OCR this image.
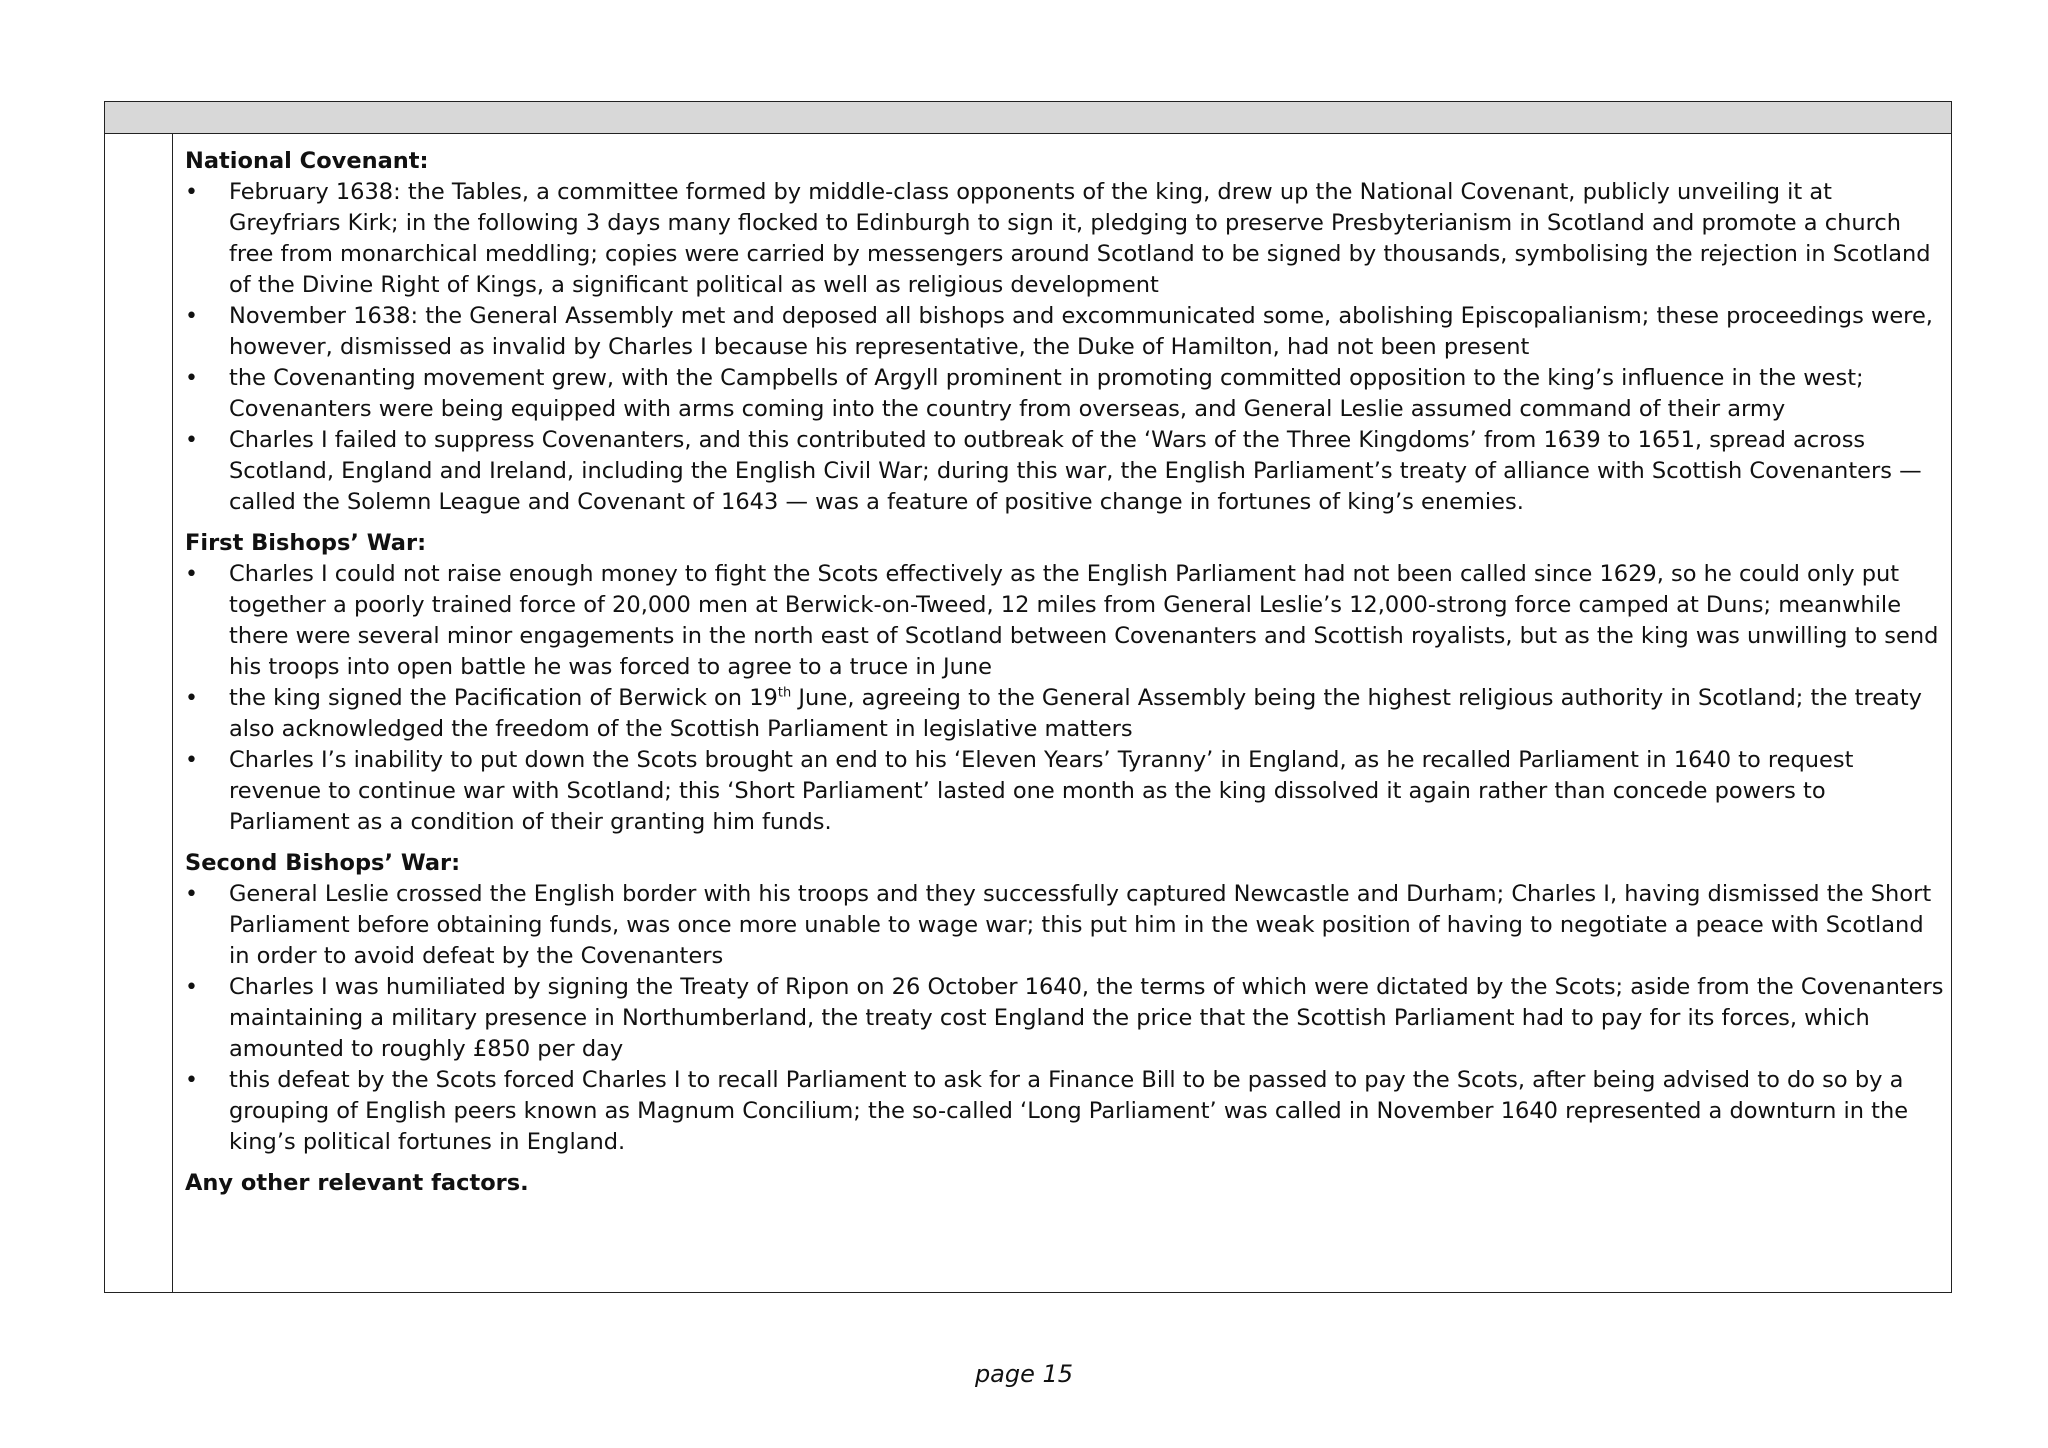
National Covenant:

• February 1638: the Tables, a committee formed by middle-class opponents of the king, drew up the National Covenant, publicly unveiling it at Greyfriars Kirk; in the following 3 days many flocked to Edinburgh to sign it, pledging to preserve Presbyterianism in Scotland and promote a church free from monarchical meddling; copies were carried by messengers around Scotland to be signed by thousands, symbolising the rejection in Scotland of the Divine Right of Kings, a significant political as well as religious development
• November 1638: the General Assembly met and deposed all bishops and excommunicated some, abolishing Episcopalianism; these proceedings were, however, dismissed as invalid by Charles I because his representative, the Duke of Hamilton, had not been present
• the Covenanting movement grew, with the Campbells of Argyll prominent in promoting committed opposition to the king’s influence in the west; Covenanters were being equipped with arms coming into the country from overseas, and General Leslie assumed command of their army
• Charles I failed to suppress Covenanters, and this contributed to outbreak of the ‘Wars of the Three Kingdoms’ from 1639 to 1651, spread across Scotland, England and Ireland, including the English Civil War; during this war, the English Parliament’s treaty of alliance with Scottish Covenanters — called the Solemn League and Covenant of 1643 — was a feature of positive change in fortunes of king’s enemies.

First Bishops’ War:

• Charles I could not raise enough money to fight the Scots effectively as the English Parliament had not been called since 1629, so he could only put together a poorly trained force of 20,000 men at Berwick-on-Tweed, 12 miles from General Leslie’s 12,000-strong force camped at Duns; meanwhile there were several minor engagements in the north east of Scotland between Covenanters and Scottish royalists, but as the king was unwilling to send his troops into open battle he was forced to agree to a truce in June
• the king signed the Pacification of Berwick on 19th June, agreeing to the General Assembly being the highest religious authority in Scotland; the treaty also acknowledged the freedom of the Scottish Parliament in legislative matters
• Charles I’s inability to put down the Scots brought an end to his ‘Eleven Years’ Tyranny’ in England, as he recalled Parliament in 1640 to request revenue to continue war with Scotland; this ‘Short Parliament’ lasted one month as the king dissolved it again rather than concede powers to Parliament as a condition of their granting him funds.

Second Bishops’ War:

• General Leslie crossed the English border with his troops and they successfully captured Newcastle and Durham; Charles I, having dismissed the Short Parliament before obtaining funds, was once more unable to wage war; this put him in the weak position of having to negotiate a peace with Scotland in order to avoid defeat by the Covenanters
• Charles I was humiliated by signing the Treaty of Ripon on 26 October 1640, the terms of which were dictated by the Scots; aside from the Covenanters maintaining a military presence in Northumberland, the treaty cost England the price that the Scottish Parliament had to pay for its forces, which amounted to roughly £850 per day
• this defeat by the Scots forced Charles I to recall Parliament to ask for a Finance Bill to be passed to pay the Scots, after being advised to do so by a grouping of English peers known as Magnum Concilium; the so-called ‘Long Parliament’ was called in November 1640 represented a downturn in the king’s political fortunes in England.

Any other relevant factors.

page 15
